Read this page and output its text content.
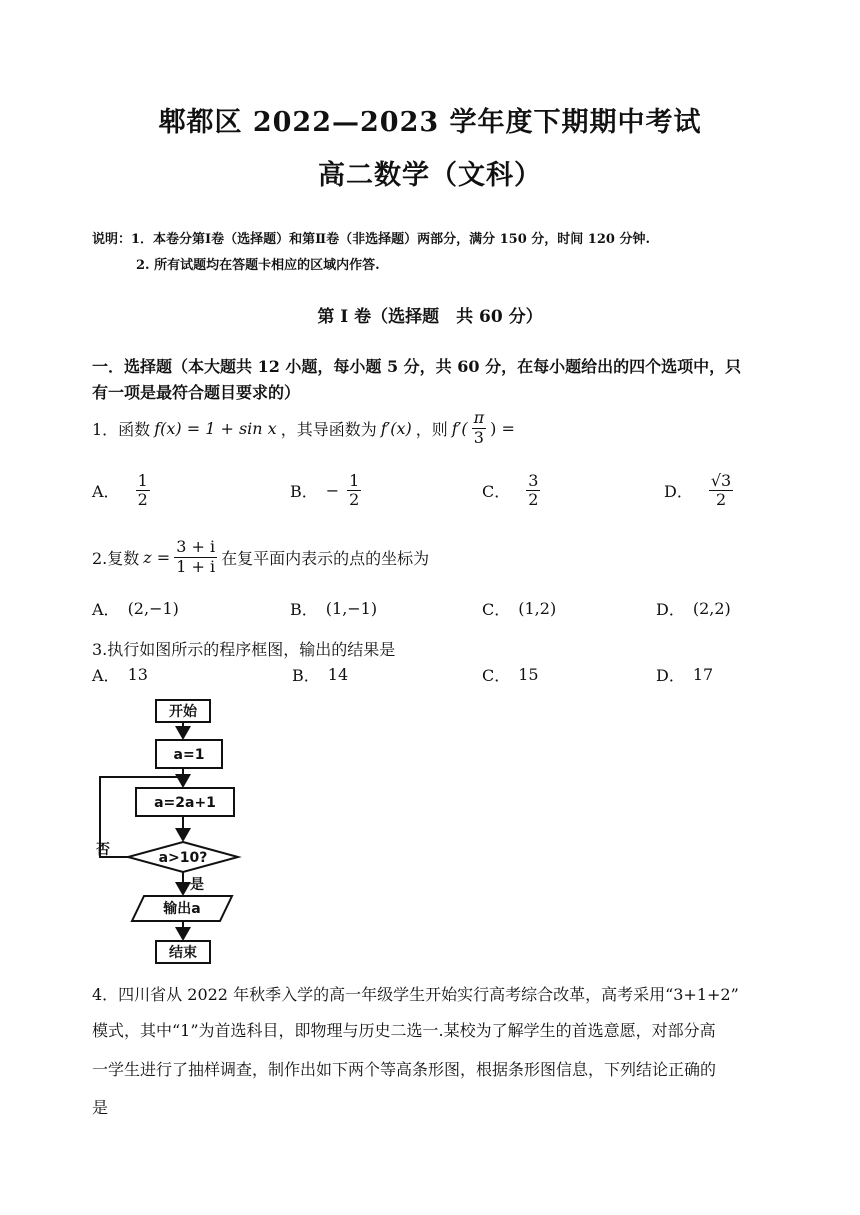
郫都区 2022—2023 学年度下期期中考试
高二数学（文科）
说明：1．本卷分第Ⅰ卷（选择题）和第Ⅱ卷（非选择题）两部分，满分 150 分，时间 120 分钟.
2. 所有试题均在答题卡相应的区域内作答.
第 I 卷（选择题　共 60 分）
一．选择题（本大题共 12 小题，每小题 5 分，共 60 分，在每小题给出的四个选项中，只
有一项是最符合题目要求的）
1．函数 f(x) = 1 + sin x ，其导函数为 f′(x) ，则 $f'( \frac{\pi}{3}$ ) =
A． $\frac{1}{2}$	B． − $\frac{1}{2}$	C． $\frac{3}{2}$	D． $\frac{√3}{2}$
2.复数 $z = \frac{3 + i}{1 + i}$ 在复平面内表示的点的坐标为
A． (2,−1)	B． (1,−1)	C． (1,2)	D． (2,2)
3.执行如图所示的程序框图，输出的结果是
A． 13	B． 14	C． 15	D． 17
开始
a=1
a=2a+1
a>10?
否
是
输出a
结束
4．四川省从 2022 年秋季入学的高一年级学生开始实行高考综合改革，高考采用“3+1+2”
模式，其中“1”为首选科目，即物理与历史二选一.某校为了解学生的首选意愿，对部分高
一学生进行了抽样调查，制作出如下两个等高条形图，根据条形图信息，下列结论正确的
是
